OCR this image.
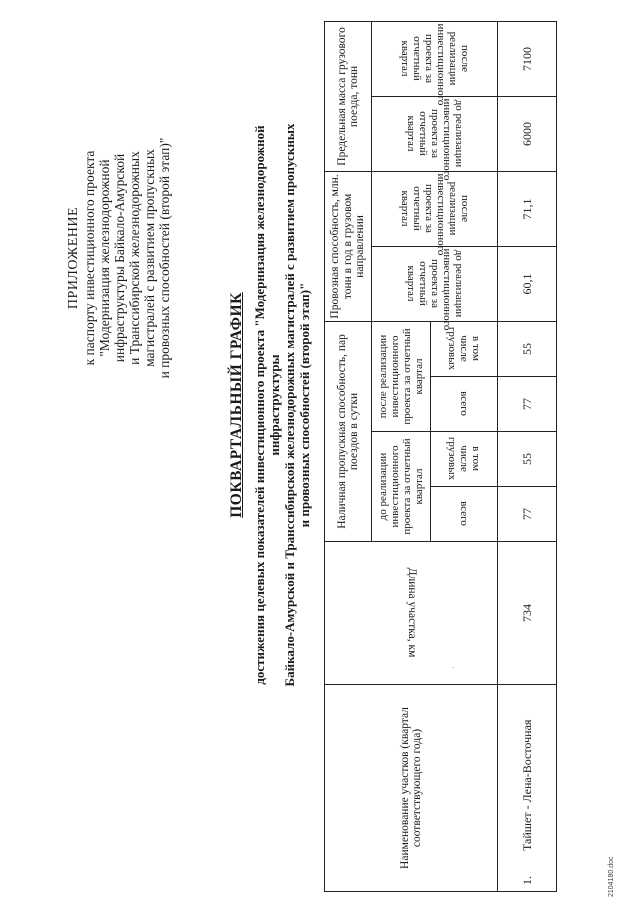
ПРИЛОЖЕНИЕ к паспорту инвестиционного проекта "Модернизация железнодорожной инфраструктуры Байкало-Амурской и Транссибирской железнодорожных магистралей с развитием пропускных и провозных способностей (второй этап)"
ПОКВАРТАЛЬНЫЙ ГРАФИК достижения целевых показателей инвестиционного проекта "Модернизация железнодорожной инфраструктуры Байкало-Амурской и Транссибирской железнодорожных магистралей с развитием пропускных и провозных способностей (второй этап)"
Наименование участков (квартал соответствующего года)	Длина участка, км	Наличная пропускная способность, пар поездов в сутки				Провозная способность, млн. тонн в год в грузовом направлении		Предельная масса грузового поезда, тонн	
		до реализации инвестиционного проекта за отчетный квартал		после реализации инвестиционного проекта за отчетный квартал		до реализации инвестиционного проекта за отчетный квартал	после реализации инвестиционного проекта за отчетный квартал	до реализации инвестиционного проекта за отчетный квартал	после реализации инвестиционного проекта за отчетный квартал
		всего	в том числе грузовых	всего	в том числе грузовых				
1.Тайшет - Лена-Восточная	734	77	55	77	55	60,1	71,1	6000	7100
·
2104180.doc
